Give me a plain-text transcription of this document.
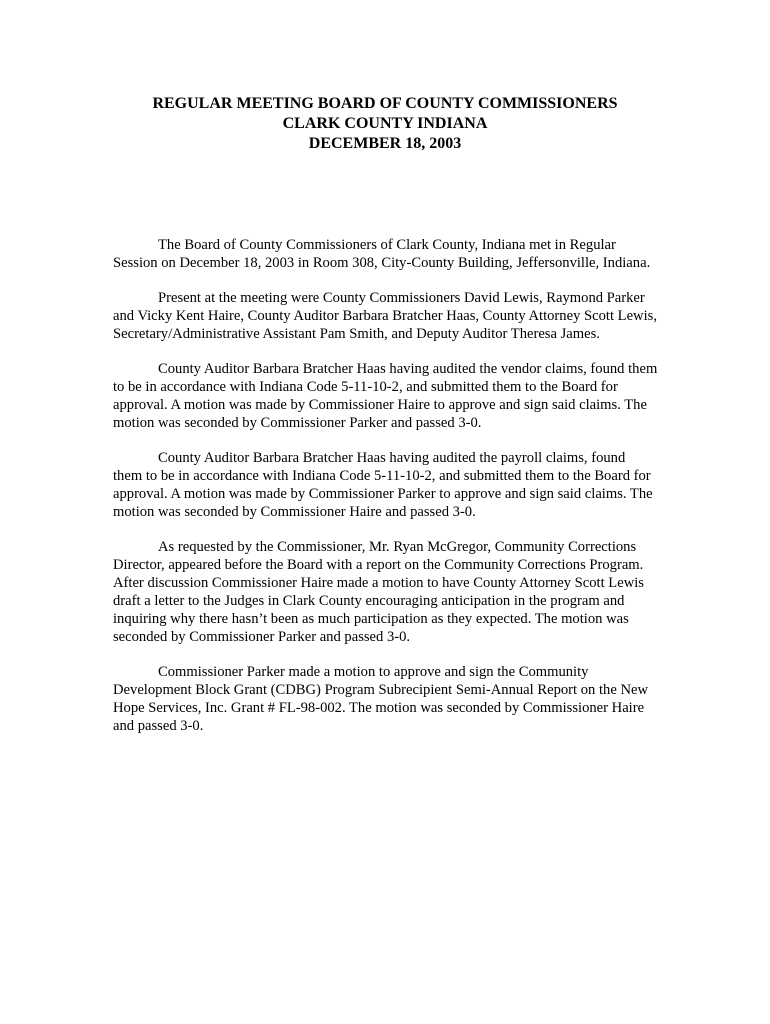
REGULAR MEETING BOARD OF COUNTY COMMISSIONERS
CLARK COUNTY INDIANA
DECEMBER 18, 2003

The Board of County Commissioners of Clark County, Indiana met in Regular Session on December 18, 2003 in Room 308, City-County Building, Jeffersonville, Indiana.

Present at the meeting were County Commissioners David Lewis, Raymond Parker and Vicky Kent Haire, County Auditor Barbara Bratcher Haas, County Attorney Scott Lewis, Secretary/Administrative Assistant Pam Smith, and Deputy Auditor Theresa James.

County Auditor Barbara Bratcher Haas having audited the vendor claims, found them to be in accordance with Indiana Code 5-11-10-2, and submitted them to the Board for approval. A motion was made by Commissioner Haire to approve and sign said claims. The motion was seconded by Commissioner Parker and passed 3-0.

County Auditor Barbara Bratcher Haas having audited the payroll claims, found them to be in accordance with Indiana Code 5-11-10-2, and submitted them to the Board for approval. A motion was made by Commissioner Parker to approve and sign said claims. The motion was seconded by Commissioner Haire and passed 3-0.

As requested by the Commissioner, Mr. Ryan McGregor, Community Corrections Director, appeared before the Board with a report on the Community Corrections Program. After discussion Commissioner Haire made a motion to have County Attorney Scott Lewis draft a letter to the Judges in Clark County encouraging anticipation in the program and inquiring why there hasn’t been as much participation as they expected. The motion was seconded by Commissioner Parker and passed 3-0.

Commissioner Parker made a motion to approve and sign the Community Development Block Grant (CDBG) Program Subrecipient Semi-Annual Report on the New Hope Services, Inc. Grant # FL-98-002. The motion was seconded by Commissioner Haire and passed 3-0.
